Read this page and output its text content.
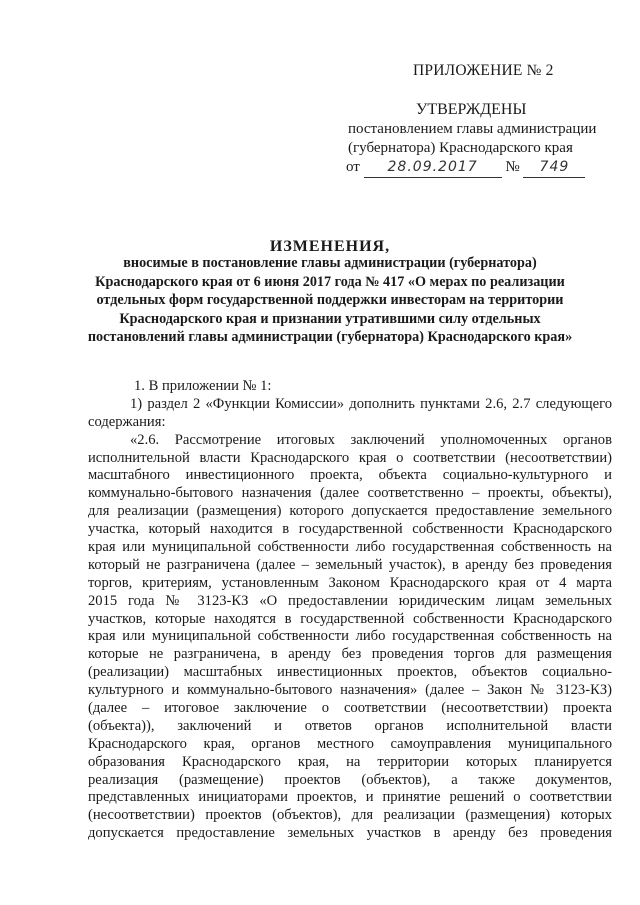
ПРИЛОЖЕНИЕ № 2
УТВЕРЖДЕНЫ
постановлением главы администрации
(губернатора) Краснодарского края
от 28.09.2017 № 749
ИЗМЕНЕНИЯ,
вносимые в постановление главы администрации (губернатора)
Краснодарского края от 6 июня 2017 года № 417 «О мерах по реализации
отдельных форм государственной поддержки инвесторам на территории
Краснодарского края и признании утратившими силу отдельных
постановлений главы администрации (губернатора) Краснодарского края»
1. В приложении № 1:
1) раздел 2 «Функции Комиссии» дополнить пунктами 2.6, 2.7 следующего
содержания:
«2.6. Рассмотрение итоговых заключений уполномоченных органов
исполнительной власти Краснодарского края о соответствии (несоответствии)
масштабного инвестиционного проекта, объекта социально-культурного и
коммунально-бытового назначения (далее соответственно – проекты, объекты),
для реализации (размещения) которого допускается предоставление земельного
участка, который находится в государственной собственности Краснодарского
края или муниципальной собственности либо государственная собственность на
который не разграничена (далее – земельный участок), в аренду без проведения
торгов, критериям, установленным Законом Краснодарского края от 4 марта
2015 года № 3123-КЗ «О предоставлении юридическим лицам земельных
участков, которые находятся в государственной собственности Краснодарского
края или муниципальной собственности либо государственная собственность на
которые не разграничена, в аренду без проведения торгов для размещения
(реализации) масштабных инвестиционных проектов, объектов социально-
культурного и коммунально-бытового назначения» (далее – Закон № 3123-КЗ)
(далее – итоговое заключение о соответствии (несоответствии) проекта
(объекта)), заключений и ответов органов исполнительной власти
Краснодарского края, органов местного самоуправления муниципального
образования Краснодарского края, на территории которых планируется
реализация (размещение) проектов (объектов), а также документов,
представленных инициаторами проектов, и принятие решений о соответствии
(несоответствии) проектов (объектов), для реализации (размещения) которых
допускается предоставление земельных участков в аренду без проведения
